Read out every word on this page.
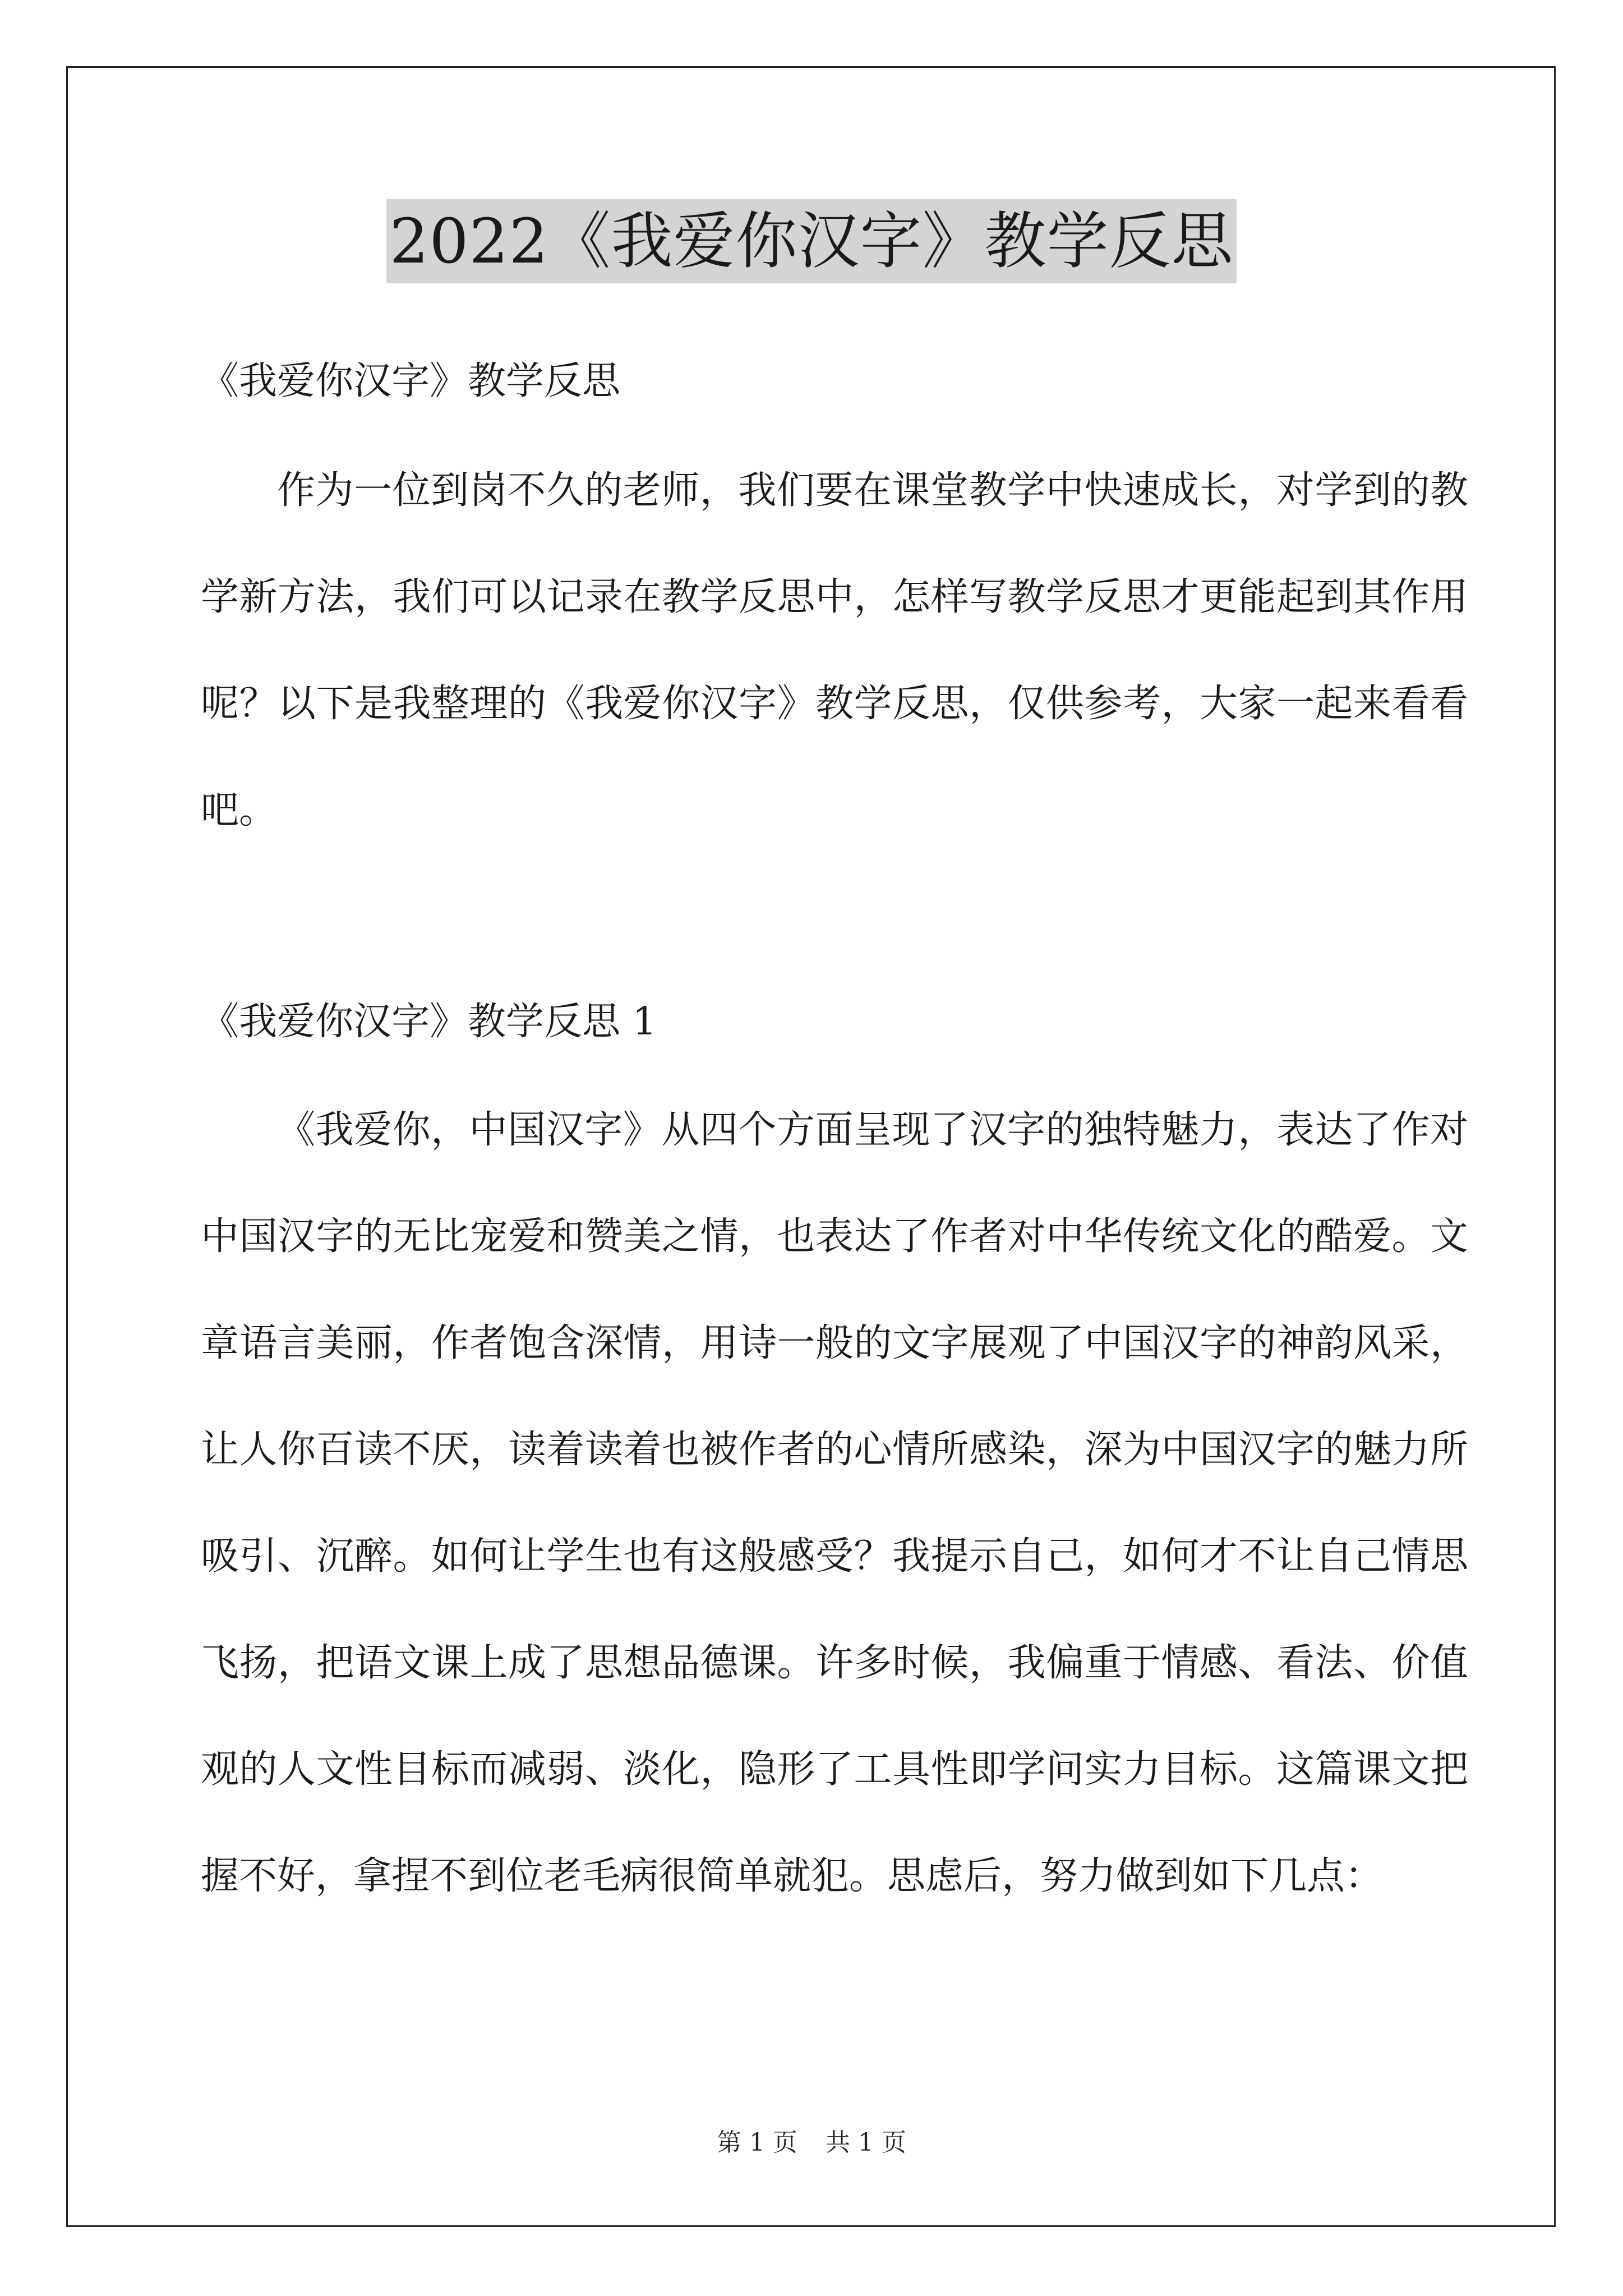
2022《我爱你汉字》教学反思
《我爱你汉字》教学反思

作为一位到岗不久的老师，我们要在课堂教学中快速成长，对学到的教学新方法，我们可以记录在教学反思中，怎样写教学反思才更能起到其作用呢？以下是我整理的《我爱你汉字》教学反思，仅供参考，大家一起来看看吧。

《我爱你汉字》教学反思 1

《我爱你，中国汉字》从四个方面呈现了汉字的独特魅力，表达了作对中国汉字的无比宠爱和赞美之情，也表达了作者对中华传统文化的酷爱。文章语言美丽，作者饱含深情，用诗一般的文字展观了中国汉字的神韵风采，让人你百读不厌，读着读着也被作者的心情所感染，深为中国汉字的魅力所吸引、沉醉。如何让学生也有这般感受？我提示自己，如何才不让自己情思飞扬，把语文课上成了思想品德课。许多时候，我偏重于情感、看法、价值观的人文性目标而减弱、淡化，隐形了工具性即学问实力目标。这篇课文把握不好，拿捏不到位老毛病很简单就犯。思虑后，努力做到如下几点：

第 1 页 共 1 页
